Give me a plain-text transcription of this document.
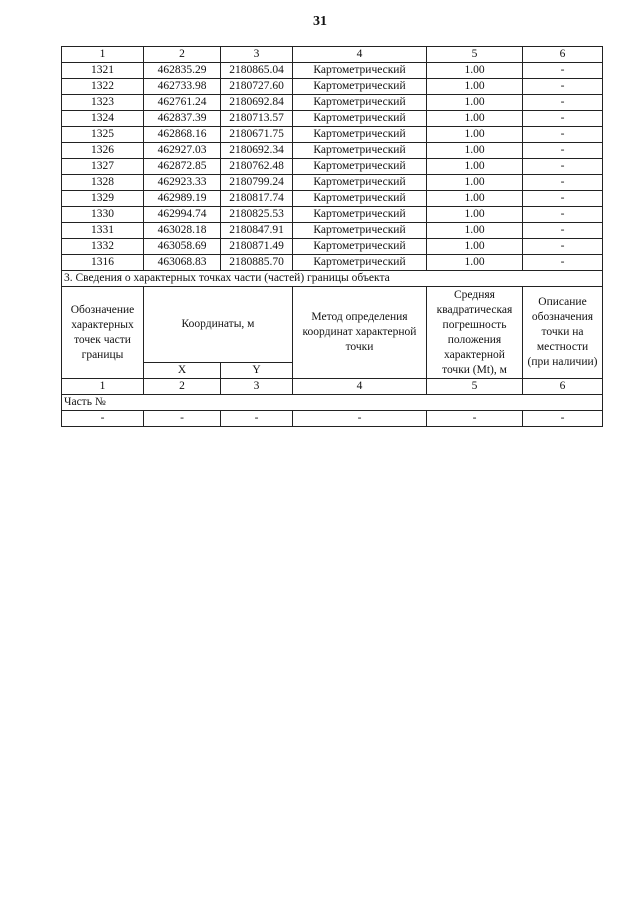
31
1	2	3	4	5	6
1321	462835.29	2180865.04	Картометрический	1.00	-
1322	462733.98	2180727.60	Картометрический	1.00	-
1323	462761.24	2180692.84	Картометрический	1.00	-
1324	462837.39	2180713.57	Картометрический	1.00	-
1325	462868.16	2180671.75	Картометрический	1.00	-
1326	462927.03	2180692.34	Картометрический	1.00	-
1327	462872.85	2180762.48	Картометрический	1.00	-
1328	462923.33	2180799.24	Картометрический	1.00	-
1329	462989.19	2180817.74	Картометрический	1.00	-
1330	462994.74	2180825.53	Картометрический	1.00	-
1331	463028.18	2180847.91	Картометрический	1.00	-
1332	463058.69	2180871.49	Картометрический	1.00	-
1316	463068.83	2180885.70	Картометрический	1.00	-
3. Сведения о характерных точках части (частей) границы объекта					
Обозначение характерных точек части границы	Координаты, м		Метод определения координат характерной точки	Средняя квадратическая погрешность положения характерной точки (Mt), м	Описание обозначения точки на местности (при наличии)
	X	Y			
1	2	3	4	5	6
Часть №					
-	-	-	-	-	-
